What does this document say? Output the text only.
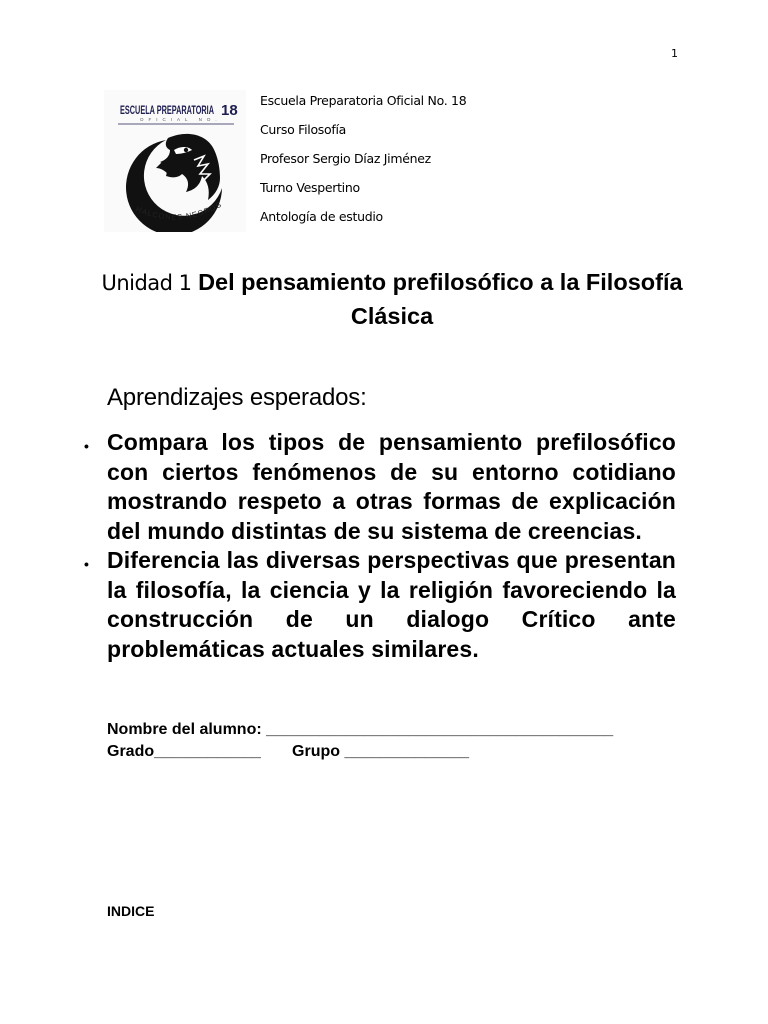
1
ESCUELA PREPARATORIA 18
OFICIAL NO.
HALCONES NEGROS
Escuela Preparatoria Oficial No. 18
Curso Filosofía
Profesor Sergio Díaz Jiménez
Turno Vespertino
Antología de estudio
Unidad 1 Del pensamiento prefilosófico a la Filosofía Clásica
Aprendizajes esperados:
• Compara los tipos de pensamiento prefilosófico con ciertos fenómenos de su entorno cotidiano mostrando respeto a otras formas de explicación del mundo distintas de su sistema de creencias.
• Diferencia las diversas perspectivas que presentan la filosofía, la ciencia y la religión favoreciendo la construcción de un dialogo Crítico ante problemáticas actuales similares.
Nombre del alumno: _______________________________________
Grado____________       Grupo ______________
INDICE
